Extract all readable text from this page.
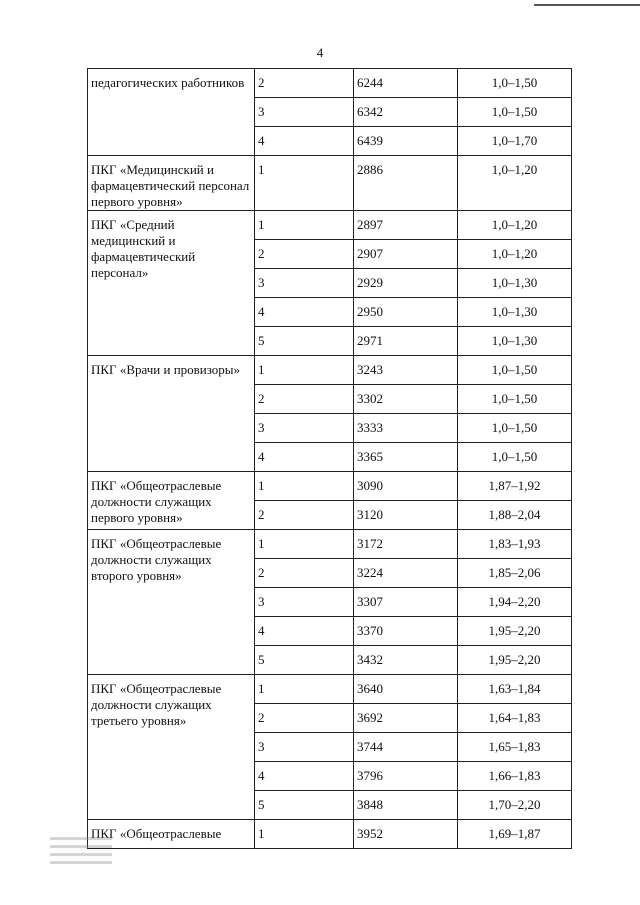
4
педагогических работников	2	6244	1,0–1,50
	3	6342	1,0–1,50
	4	6439	1,0–1,70
ПКГ «Медицинский и фармацевтический персонал первого уровня»	1	2886	1,0–1,20
ПКГ «Средний медицинский и фармацевтический персонал»	1	2897	1,0–1,20
	2	2907	1,0–1,20
	3	2929	1,0–1,30
	4	2950	1,0–1,30
	5	2971	1,0–1,30
ПКГ «Врачи и провизоры»	1	3243	1,0–1,50
	2	3302	1,0–1,50
	3	3333	1,0–1,50
	4	3365	1,0–1,50
ПКГ «Общеотраслевые должности служащих первого уровня»	1	3090	1,87–1,92
	2	3120	1,88–2,04
ПКГ «Общеотраслевые должности служащих второго уровня»	1	3172	1,83–1,93
	2	3224	1,85–2,06
	3	3307	1,94–2,20
	4	3370	1,95–2,20
	5	3432	1,95–2,20
ПКГ «Общеотраслевые должности служащих третьего уровня»	1	3640	1,63–1,84
	2	3692	1,64–1,83
	3	3744	1,65–1,83
	4	3796	1,66–1,83
	5	3848	1,70–2,20
ПКГ «Общеотраслевые	1	3952	1,69–1,87
